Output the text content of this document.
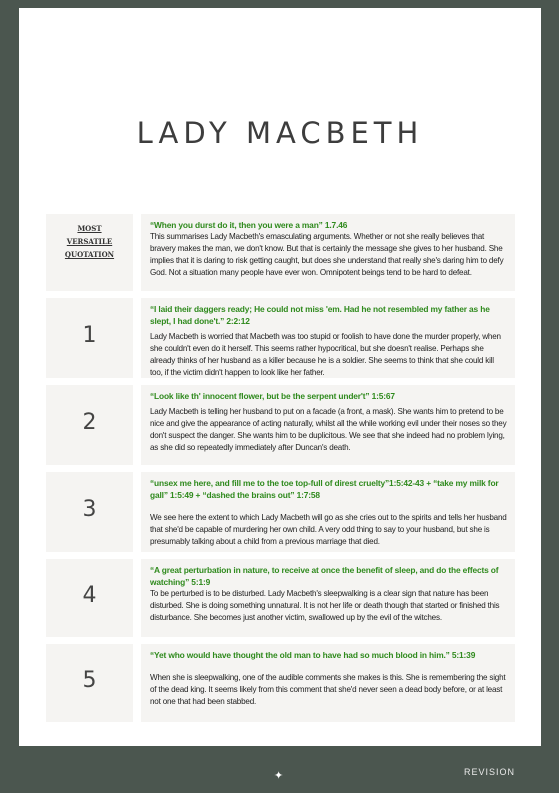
LADY MACBETH
MOST
VERSATILE
QUOTATION

“When you durst do it, then you were a man” 1.7.46

This summarises Lady Macbeth's emasculating arguments. Whether or not she really believes that bravery makes the man, we don't know. But that is certainly the message she gives to her husband. She implies that it is daring to risk getting caught, but does she understand that really she's daring him to defy God. Not a situation many people have ever won. Omnipotent beings tend to be hard to defeat.

1

“I laid their daggers ready; He could not miss 'em. Had he not resembled my father as he slept, I had done't.” 2:2:12

Lady Macbeth is worried that Macbeth was too stupid or foolish to have done the murder properly, when she couldn't even do it herself. This seems rather hypocritical, but she doesn't realise. Perhaps she already thinks of her husband as a killer because he is a soldier. She seems to think that she could kill too, if the victim didn't happen to look like her father.

2

“Look like th' innocent flower, but be the serpent under't” 1:5:67

Lady Macbeth is telling her husband to put on a facade (a front, a mask). She wants him to pretend to be nice and give the appearance of acting naturally, whilst all the while working evil under their noses so they don't suspect the danger. She wants him to be duplicitous. We see that she indeed had no problem lying, as she did so repeatedly immediately after Duncan's death.

3

“unsex me here, and fill me to the toe top-full of direst cruelty”1:5:42-43 + “take my milk for gall” 1:5:49 + “dashed the brains out” 1:7:58

We see here the extent to which Lady Macbeth will go as she cries out to the spirits and tells her husband that she'd be capable of murdering her own child. A very odd thing to say to your husband, but she is presumably talking about a child from a previous marriage that died.

4

“A great perturbation in nature, to receive at once the benefit of sleep, and do the effects of watching” 5:1:9

To be perturbed is to be disturbed. Lady Macbeth's sleepwalking is a clear sign that nature has been disturbed. She is doing something unnatural. It is not her life or death though that started or finished this disturbance. She becomes just another victim, swallowed up by the evil of the witches.

5

“Yet who would have thought the old man to have had so much blood in him.” 5:1:39

When she is sleepwalking, one of the audible comments she makes is this. She is remembering the sight of the dead king. It seems likely from this comment that she'd never seen a dead body before, or at least not one that had been stabbed.

✦	REVISION
